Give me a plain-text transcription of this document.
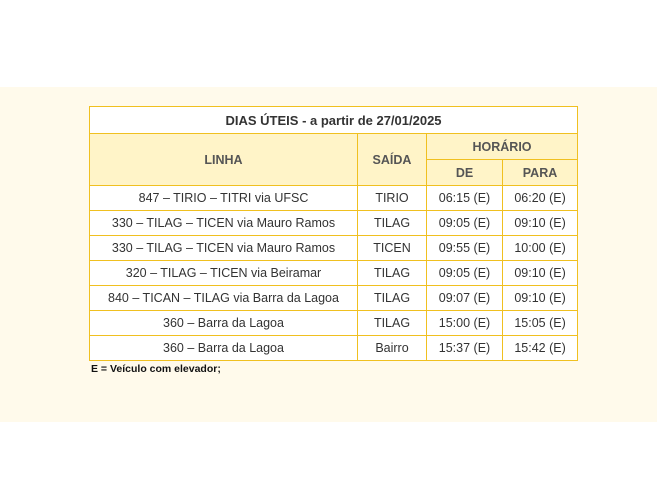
DIAS ÚTEIS - a partir de 27/01/2025			
LINHA	SAÍDA	HORÁRIO	
		DE	PARA
847 – TIRIO – TITRI via UFSC	TIRIO	06:15 (E)	06:20 (E)
330 – TILAG – TICEN via Mauro Ramos	TILAG	09:05 (E)	09:10 (E)
330 – TILAG – TICEN via Mauro Ramos	TICEN	09:55 (E)	10:00 (E)
320 – TILAG – TICEN via Beiramar	TILAG	09:05 (E)	09:10 (E)
840 – TICAN – TILAG via Barra da Lagoa	TILAG	09:07 (E)	09:10 (E)
360 – Barra da Lagoa	TILAG	15:00 (E)	15:05 (E)
360 – Barra da Lagoa	Bairro	15:37 (E)	15:42 (E)
E = Veículo com elevador;
